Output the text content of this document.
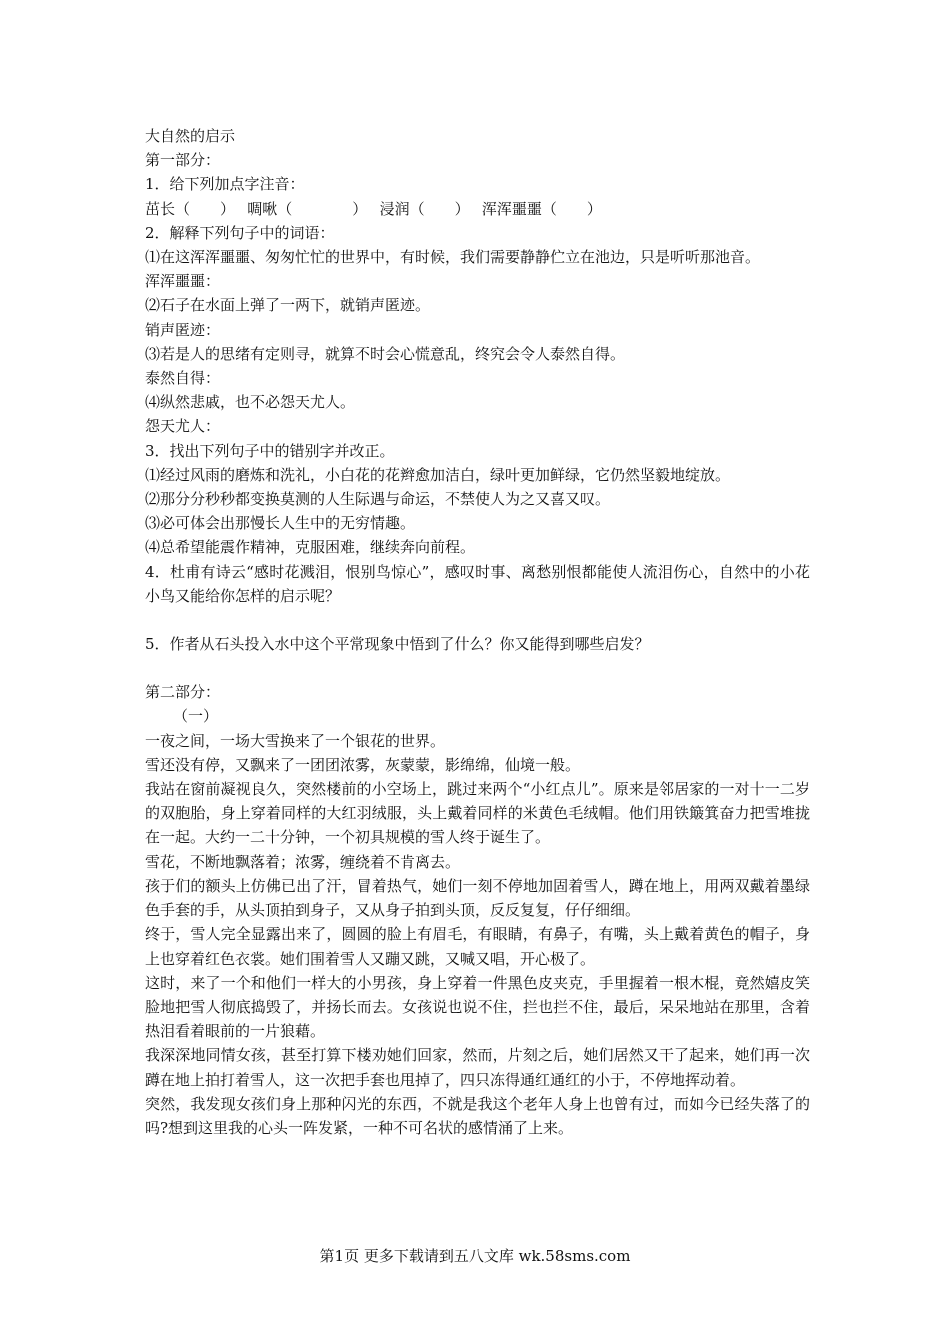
大自然的启示
第一部分：
1．给下列加点字注音：
茁长（　　）　 啁啾（　　　　）　 浸润（　　）　 浑浑噩噩（　　）
2．解释下列句子中的词语：
⑴在这浑浑噩噩、匆匆忙忙的世界中，有时候，我们需要静静伫立在池边，只是听听那池音。
浑浑噩噩：
⑵石子在水面上弹了一两下，就销声匿迹。
销声匿迹：
⑶若是人的思绪有定则寻，就算不时会心慌意乱，终究会令人泰然自得。
泰然自得：
⑷纵然悲戚，也不必怨天尤人。
怨天尤人：
3．找出下列句子中的错别字并改正。
⑴经过风雨的磨炼和洗礼，小白花的花辫愈加洁白，绿叶更加鲜绿，它仍然坚毅地绽放。
⑵那分分秒秒都变换莫测的人生际遇与命运，不禁使人为之又喜又叹。
⑶必可体会出那慢长人生中的无穷情趣。
⑷总希望能震作精神，克服困难，继续奔向前程。
4．杜甫有诗云“感时花溅泪，恨别鸟惊心”，感叹时事、离愁别恨都能使人流泪伤心，自然中的小花小鸟又能给你怎样的启示呢？
5．作者从石头投入水中这个平常现象中悟到了什么？你又能得到哪些启发？
第二部分：
（一）
一夜之间，一场大雪换来了一个银花的世界。
雪还没有停，又飘来了一团团浓雾，灰蒙蒙，影绵绵，仙境一般。
我站在窗前凝视良久，突然楼前的小空场上，跳过来两个“小红点儿”。原来是邻居家的一对十一二岁的双胞胎，身上穿着同样的大红羽绒服，头上戴着同样的米黄色毛绒帽。他们用铁簸箕奋力把雪堆拢在一起。大约一二十分钟，一个初具规模的雪人终于诞生了。
雪花，不断地飘落着；浓雾，缠绕着不肯离去。
孩于们的额头上仿佛已出了汗，冒着热气，她们一刻不停地加固着雪人，蹲在地上，用两双戴着墨绿色手套的手，从头顶拍到身子，又从身子拍到头顶，反反复复，仔仔细细。
终于，雪人完全显露出来了，圆圆的脸上有眉毛，有眼睛，有鼻子，有嘴，头上戴着黄色的帽子，身上也穿着红色衣裳。她们围着雪人又蹦又跳，又喊又唱，开心极了。
这时，来了一个和他们一样大的小男孩，身上穿着一件黑色皮夹克，手里握着一根木棍，竟然嬉皮笑脸地把雪人彻底捣毁了，并扬长而去。女孩说也说不住，拦也拦不住，最后，呆呆地站在那里，含着热泪看着眼前的一片狼藉。
我深深地同情女孩，甚至打算下楼劝她们回家，然而，片刻之后，她们居然又干了起来，她们再一次蹲在地上拍打着雪人，这一次把手套也甩掉了，四只冻得通红通红的小于，不停地挥动着。
突然，我发现女孩们身上那种闪光的东西，不就是我这个老年人身上也曾有过，而如今已经失落了的吗?想到这里我的心头一阵发紧，一种不可名状的感情涌了上来。
第1页 更多下载请到五八文库 wk.58sms.com
